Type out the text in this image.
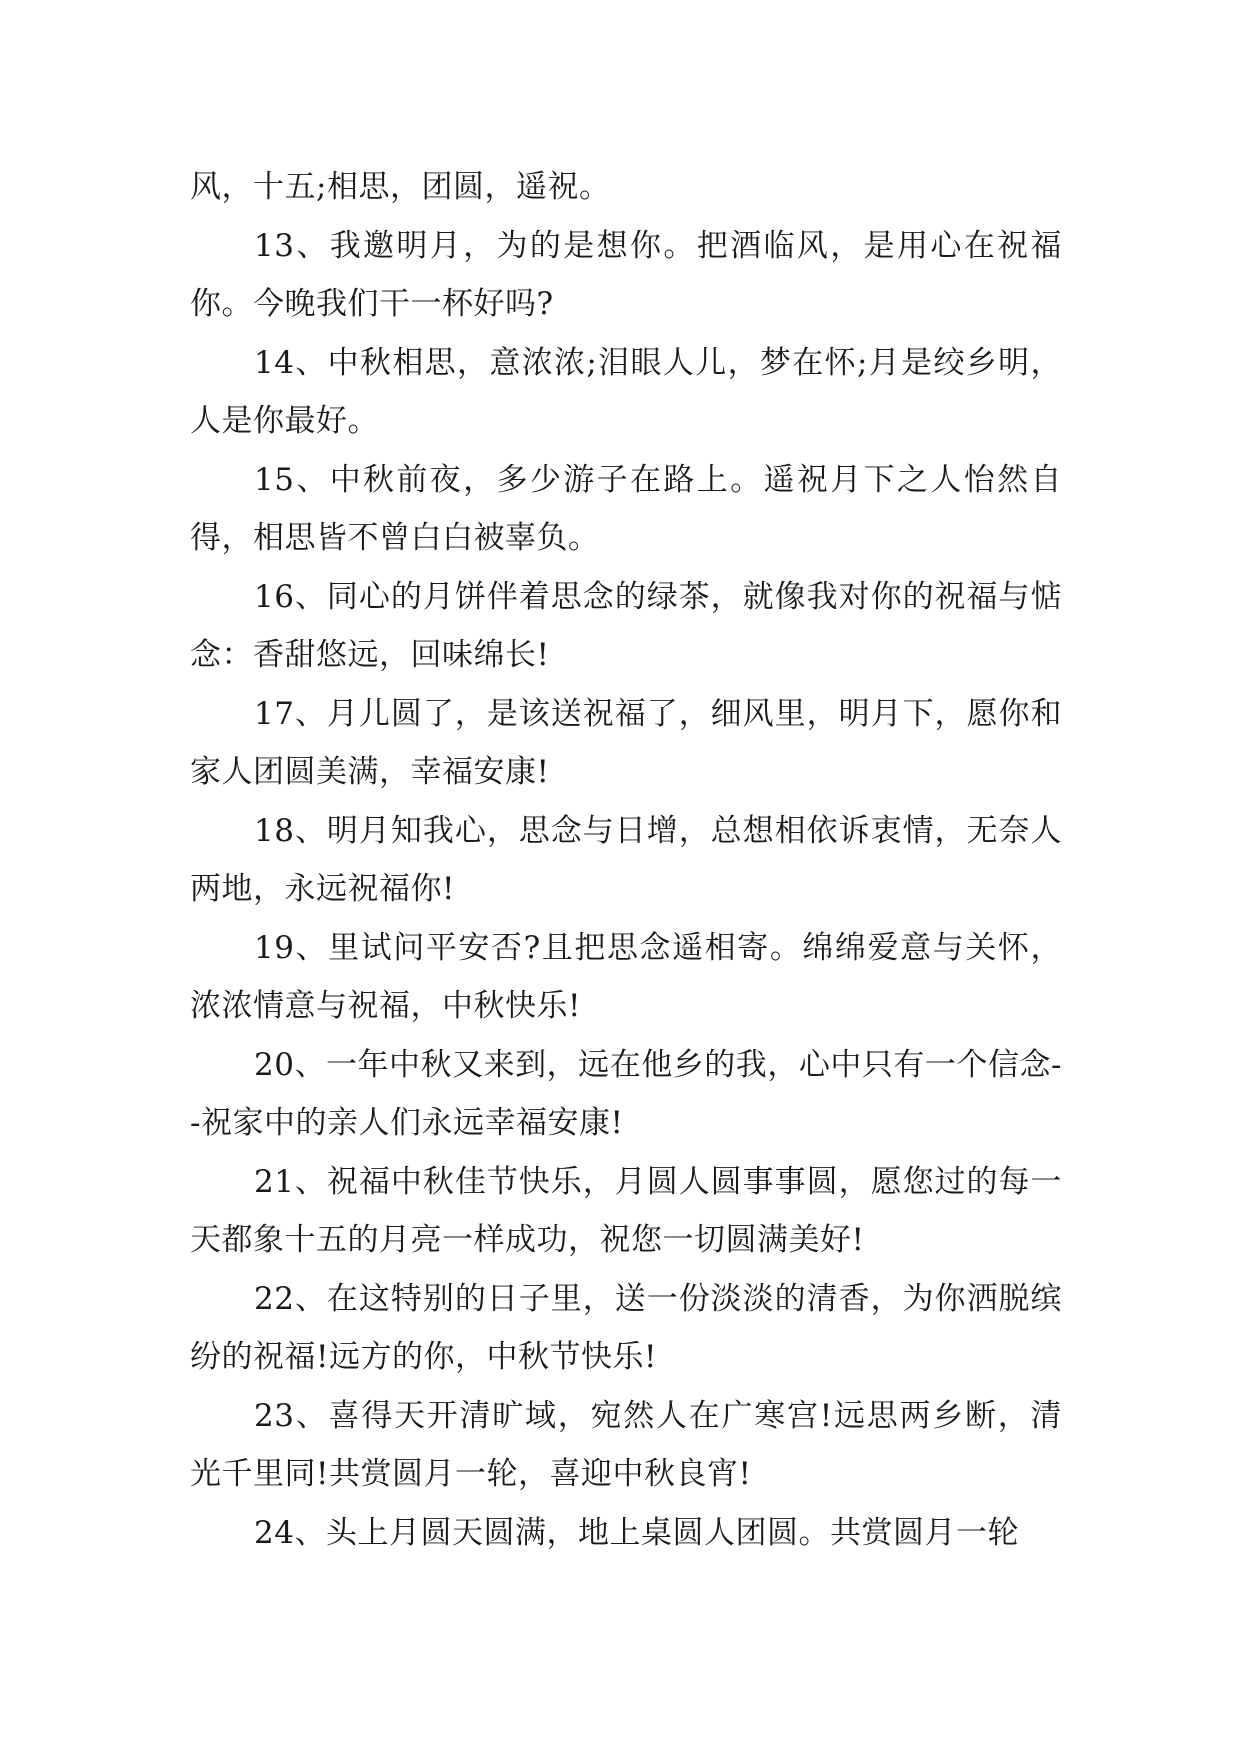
风，十五;相思，团圆，遥祝。

13、我邀明月，为的是想你。把酒临风，是用心在祝福你。今晚我们干一杯好吗?

14、中秋相思，意浓浓;泪眼人儿，梦在怀;月是绞乡明，人是你最好。

15、中秋前夜，多少游子在路上。遥祝月下之人怡然自得，相思皆不曾白白被辜负。

16、同心的月饼伴着思念的绿茶，就像我对你的祝福与惦念：香甜悠远，回味绵长!

17、月儿圆了，是该送祝福了，细风里，明月下，愿你和家人团圆美满，幸福安康!

18、明月知我心，思念与日增，总想相依诉衷情，无奈人两地，永远祝福你!

19、里试问平安否?且把思念遥相寄。绵绵爱意与关怀，浓浓情意与祝福，中秋快乐!

20、一年中秋又来到，远在他乡的我，心中只有一个信念--祝家中的亲人们永远幸福安康!

21、祝福中秋佳节快乐，月圆人圆事事圆，愿您过的每一天都象十五的月亮一样成功，祝您一切圆满美好!

22、在这特别的日子里，送一份淡淡的清香，为你洒脱缤纷的祝福!远方的你，中秋节快乐!

23、喜得天开清旷域，宛然人在广寒宫!远思两乡断，清光千里同!共赏圆月一轮，喜迎中秋良宵!

24、头上月圆天圆满，地上桌圆人团圆。共赏圆月一轮
